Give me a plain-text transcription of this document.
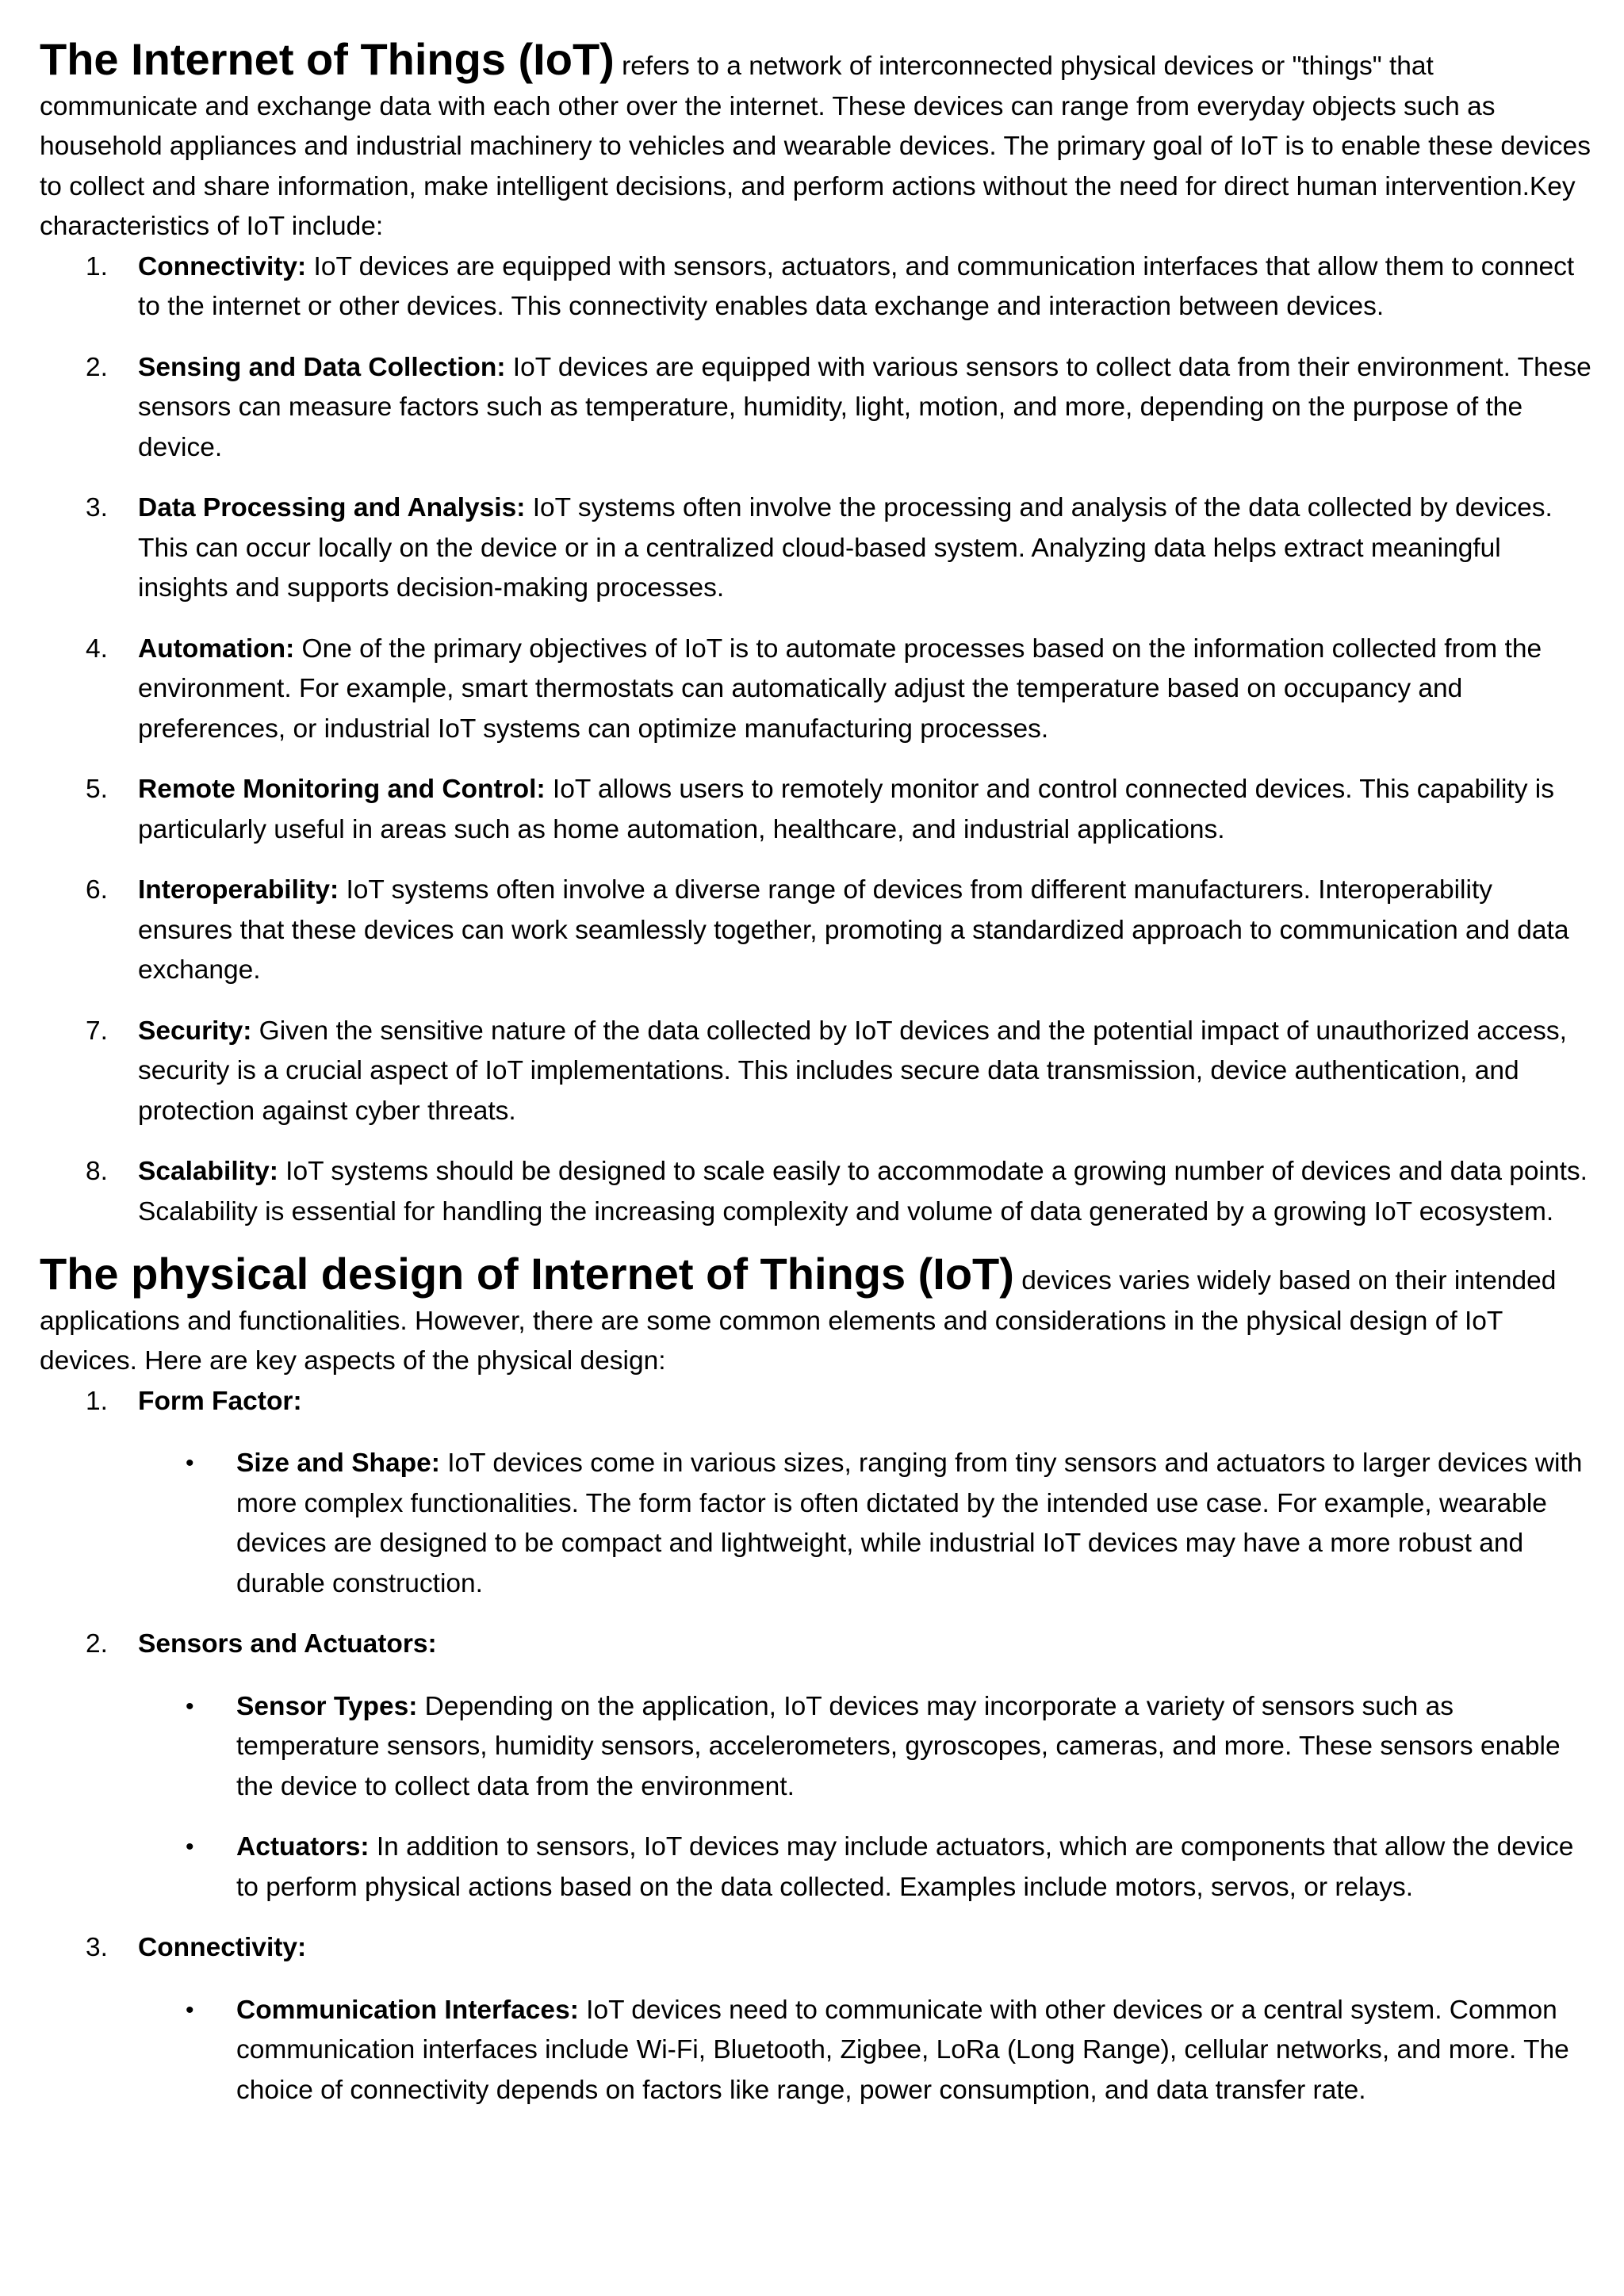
The Internet of Things (IoT) refers to a network of interconnected physical devices or "things" that communicate and exchange data with each other over the internet. These devices can range from everyday objects such as household appliances and industrial machinery to vehicles and wearable devices. The primary goal of IoT is to enable these devices to collect and share information, make intelligent decisions, and perform actions without the need for direct human intervention.Key characteristics of IoT include:

1. Connectivity: IoT devices are equipped with sensors, actuators, and communication interfaces that allow them to connect to the internet or other devices. This connectivity enables data exchange and interaction between devices.
2. Sensing and Data Collection: IoT devices are equipped with various sensors to collect data from their environment. These sensors can measure factors such as temperature, humidity, light, motion, and more, depending on the purpose of the device.
3. Data Processing and Analysis: IoT systems often involve the processing and analysis of the data collected by devices. This can occur locally on the device or in a centralized cloud-based system. Analyzing data helps extract meaningful insights and supports decision-making processes.
4. Automation: One of the primary objectives of IoT is to automate processes based on the information collected from the environment. For example, smart thermostats can automatically adjust the temperature based on occupancy and preferences, or industrial IoT systems can optimize manufacturing processes.
5. Remote Monitoring and Control: IoT allows users to remotely monitor and control connected devices. This capability is particularly useful in areas such as home automation, healthcare, and industrial applications.
6. Interoperability: IoT systems often involve a diverse range of devices from different manufacturers. Interoperability ensures that these devices can work seamlessly together, promoting a standardized approach to communication and data exchange.
7. Security: Given the sensitive nature of the data collected by IoT devices and the potential impact of unauthorized access, security is a crucial aspect of IoT implementations. This includes secure data transmission, device authentication, and protection against cyber threats.
8. Scalability: IoT systems should be designed to scale easily to accommodate a growing number of devices and data points. Scalability is essential for handling the increasing complexity and volume of data generated by a growing IoT ecosystem.

The physical design of Internet of Things (IoT) devices varies widely based on their intended applications and functionalities. However, there are some common elements and considerations in the physical design of IoT devices. Here are key aspects of the physical design:

1. Form Factor:
• Size and Shape: IoT devices come in various sizes, ranging from tiny sensors and actuators to larger devices with more complex functionalities. The form factor is often dictated by the intended use case. For example, wearable devices are designed to be compact and lightweight, while industrial IoT devices may have a more robust and durable construction.
2. Sensors and Actuators:
• Sensor Types: Depending on the application, IoT devices may incorporate a variety of sensors such as temperature sensors, humidity sensors, accelerometers, gyroscopes, cameras, and more. These sensors enable the device to collect data from the environment.
• Actuators: In addition to sensors, IoT devices may include actuators, which are components that allow the device to perform physical actions based on the data collected. Examples include motors, servos, or relays.
3. Connectivity:
• Communication Interfaces: IoT devices need to communicate with other devices or a central system. Common communication interfaces include Wi-Fi, Bluetooth, Zigbee, LoRa (Long Range), cellular networks, and more. The choice of connectivity depends on factors like range, power consumption, and data transfer rate.
